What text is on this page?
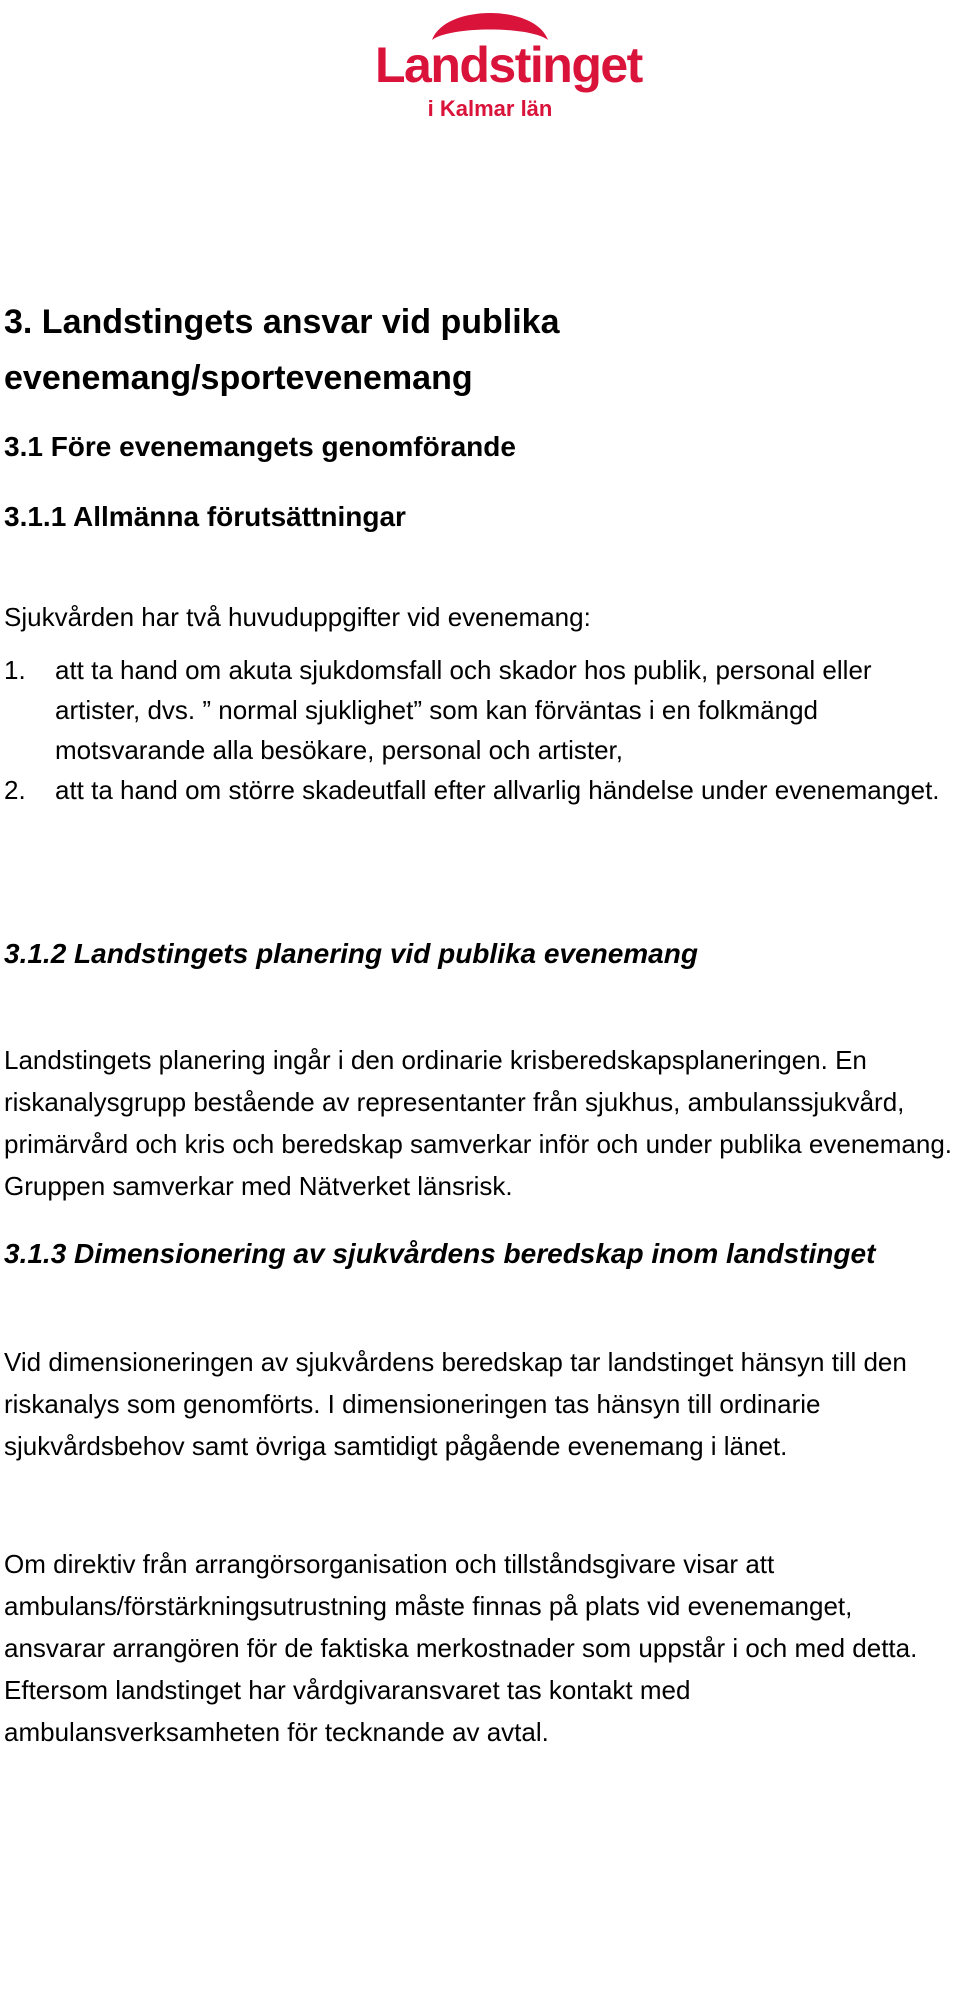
Landstinget
i Kalmar län
3. Landstingets ansvar vid publika evenemang/sportevenemang
3.1 Före evenemangets genomförande
3.1.1 Allmänna förutsättningar

Sjukvården har två huvuduppgifter vid evenemang:

1. att ta hand om akuta sjukdomsfall och skador hos publik, personal eller artister, dvs. ” normal sjuklighet” som kan förväntas i en folkmängd motsvarande alla besökare, personal och artister,
2. att ta hand om större skadeutfall efter allvarlig händelse under evenemanget.
3.1.2 Landstingets planering vid publika evenemang

Landstingets planering ingår i den ordinarie krisberedskapsplaneringen. En riskanalysgrupp bestående av representanter från sjukhus, ambulanssjukvård, primärvård och kris och beredskap samverkar inför och under publika evenemang. Gruppen samverkar med Nätverket länsrisk.

3.1.3 Dimensionering av sjukvårdens beredskap inom landstinget

Vid dimensioneringen av sjukvårdens beredskap tar landstinget hänsyn till den riskanalys som genomförts. I dimensioneringen tas hänsyn till ordinarie sjukvårdsbehov samt övriga samtidigt pågående evenemang i länet.

Om direktiv från arrangörsorganisation och tillståndsgivare visar att ambulans/förstärkningsutrustning måste finnas på plats vid evenemanget, ansvarar arrangören för de faktiska merkostnader som uppstår i och med detta. Eftersom landstinget har vårdgivaransvaret tas kontakt med ambulansverksamheten för tecknande av avtal.
